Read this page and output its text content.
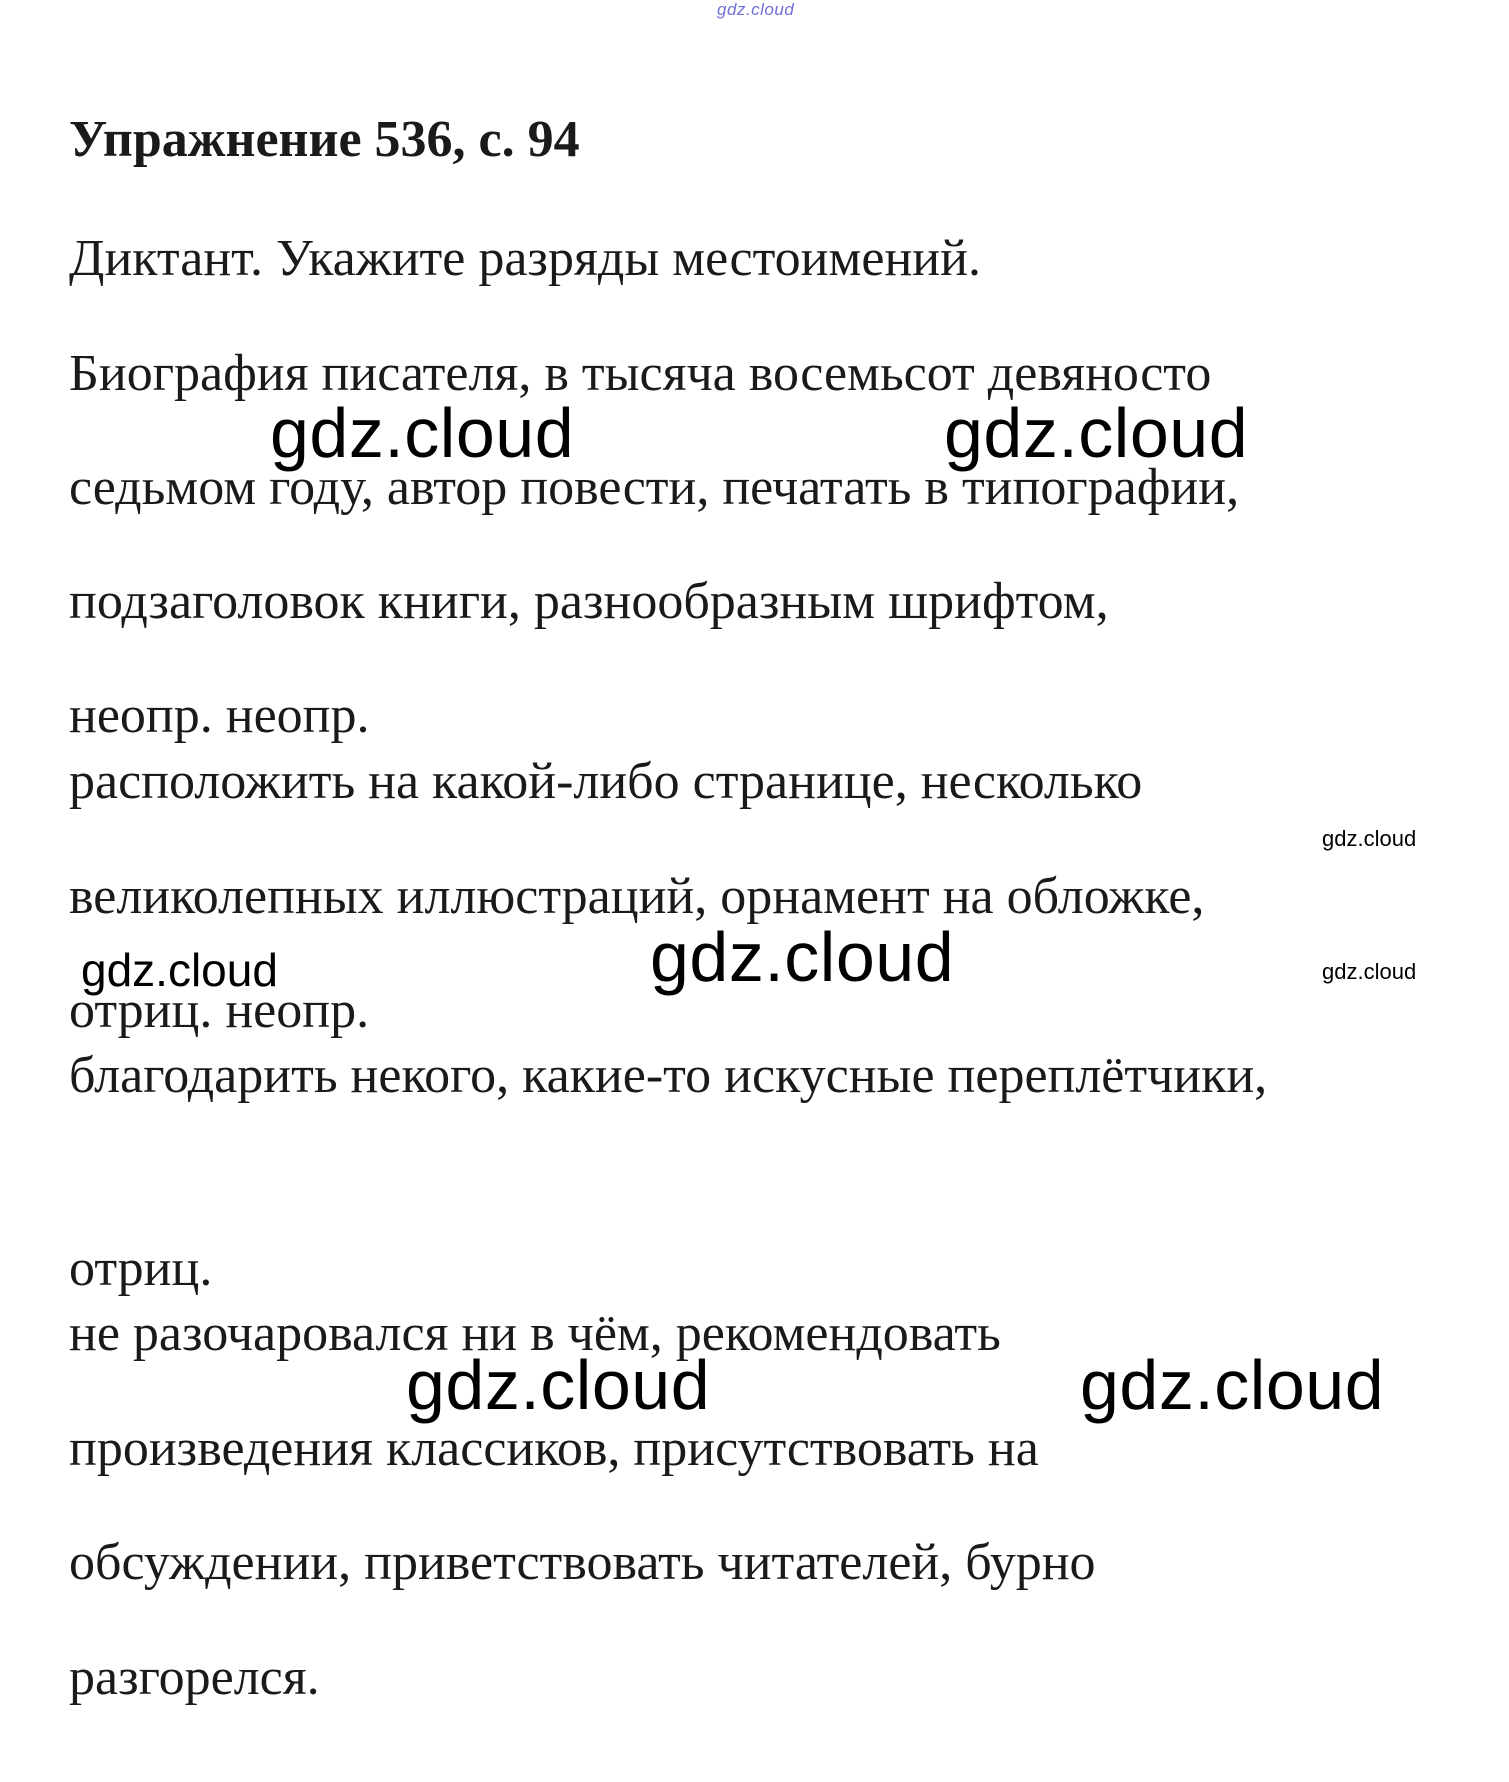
gdz.cloud
Упражнение 536, с. 94

Диктант. Укажите разряды местоимений.

Биография писателя, в тысяча восемьсот девяносто

седьмом году, автор повести, печатать в типографии,

подзаголовок книги, разнообразным шрифтом,

неопр. неопр.

расположить на какой-либо странице, несколько

великолепных иллюстраций, орнамент на обложке,

отриц. неопр.

благодарить некого, какие-то искусные переплётчики,

отриц.

не разочаровался ни в чём, рекомендовать

произведения классиков, присутствовать на

обсуждении, приветствовать читателей, бурно

разгорелся.

gdz.cloud	gdz.cloud
gdz.cloud
gdz.cloud	gdz.cloud	gdz.cloud
gdz.cloud	gdz.cloud
